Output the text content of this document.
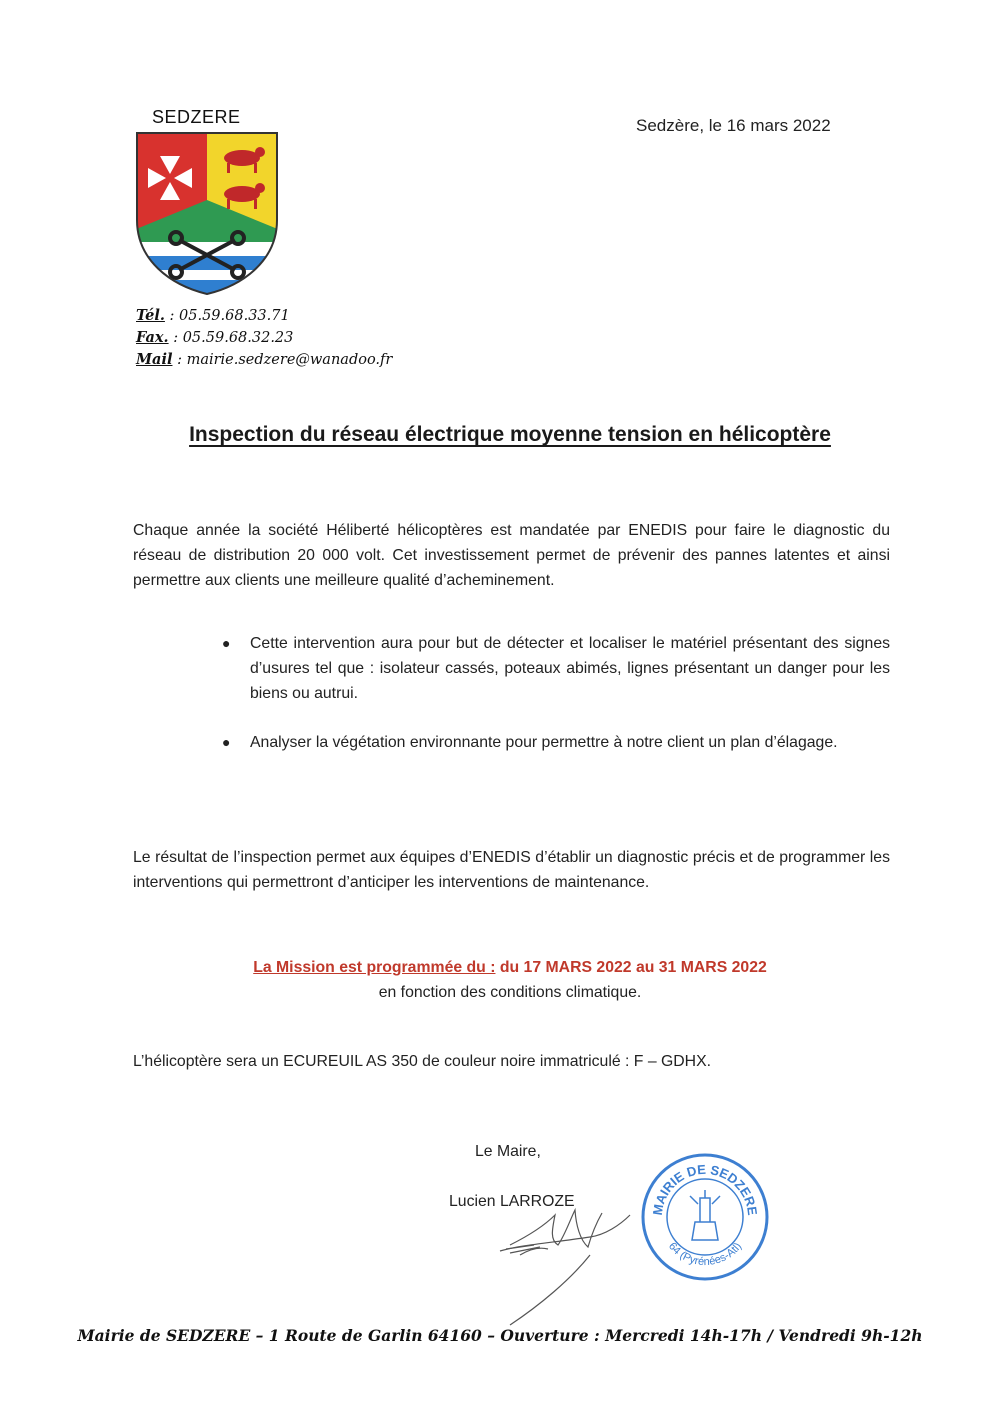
SEDZERE	Sedzère, le 16 mars 2022
Tél. : 05.59.68.33.71
Fax. : 05.59.68.32.23
Mail : mairie.sedzere@wanadoo.fr
Inspection du réseau électrique moyenne tension en hélicoptère
Chaque année la société Héliberté hélicoptères est mandatée par ENEDIS pour faire le diagnostic du réseau de distribution 20 000 volt. Cet investissement permet de prévenir des pannes latentes et ainsi permettre aux clients une meilleure qualité d’acheminement.
● Cette intervention aura pour but de détecter et localiser le matériel présentant des signes d’usures tel que : isolateur cassés, poteaux abimés, lignes présentant un danger pour les biens ou autrui.
● Analyser la végétation environnante pour permettre à notre client un plan d’élagage.
Le résultat de l’inspection permet aux équipes d’ENEDIS d’établir un diagnostic précis et de programmer les interventions qui permettront d’anticiper les interventions de maintenance.
La Mission est programmée du : du 17 MARS 2022 au 31 MARS 2022
en fonction des conditions climatique.
L’hélicoptère sera un ECUREUIL AS 350 de couleur noire immatriculé : F – GDHX.
Le Maire,
Lucien LARROZE	MAIRIE DE SEDZERE
64 (Pyrénées-Atl)
Mairie de SEDZERE – 1 Route de Garlin 64160 – Ouverture : Mercredi 14h-17h / Vendredi 9h-12h
